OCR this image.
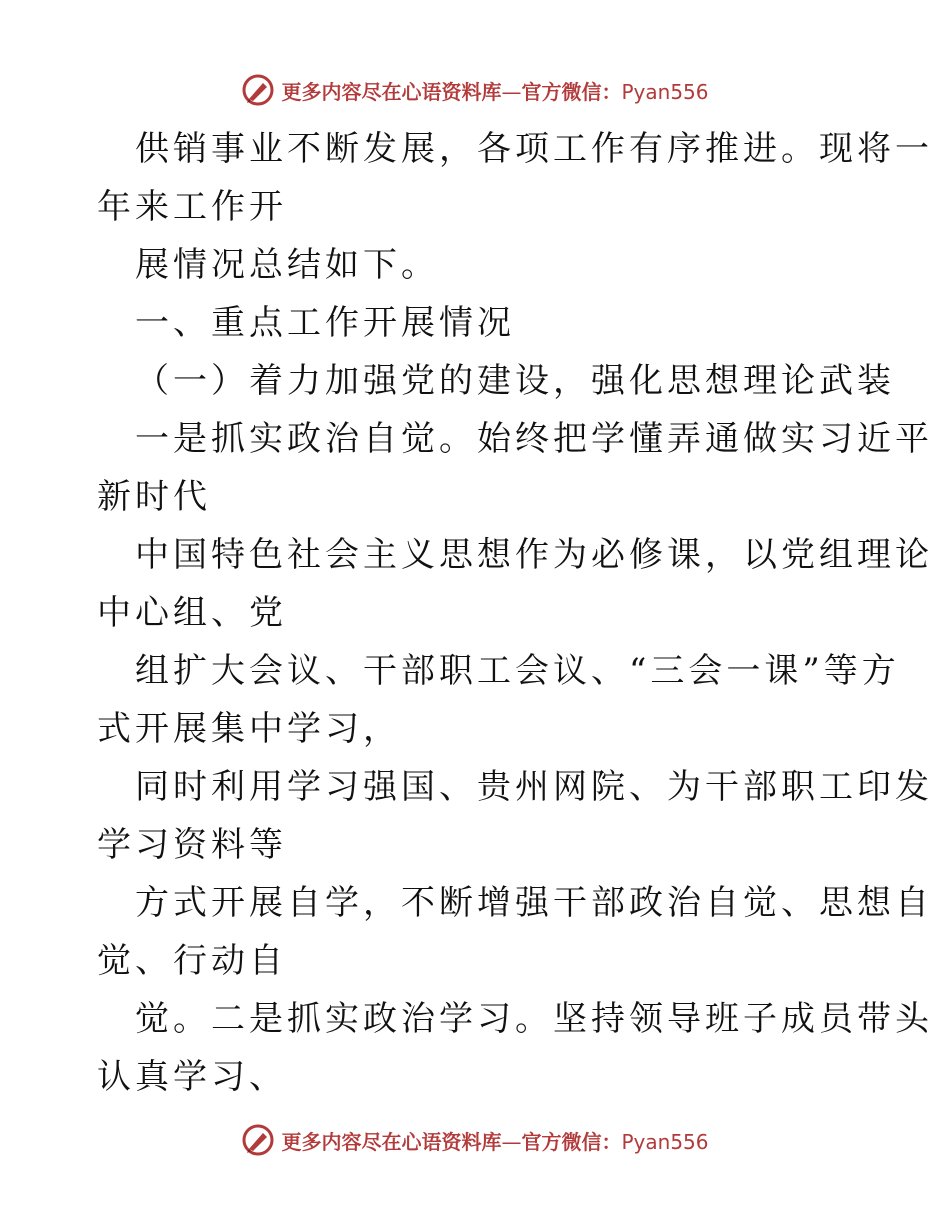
更多内容尽在心语资料库—官方微信：Pyan556
供销事业不断发展，各项工作有序推进。现将一
年来工作开
展情况总结如下。
一、重点工作开展情况
（一）着力加强党的建设，强化思想理论武装
一是抓实政治自觉。始终把学懂弄通做实习近平
新时代
中国特色社会主义思想作为必修课，以党组理论
中心组、党
组扩大会议、干部职工会议、“三会一课”等方
式开展集中学习，
同时利用学习强国、贵州网院、为干部职工印发
学习资料等
方式开展自学，不断增强干部政治自觉、思想自
觉、行动自
觉。二是抓实政治学习。坚持领导班子成员带头
认真学习、
更多内容尽在心语资料库—官方微信：Pyan556
